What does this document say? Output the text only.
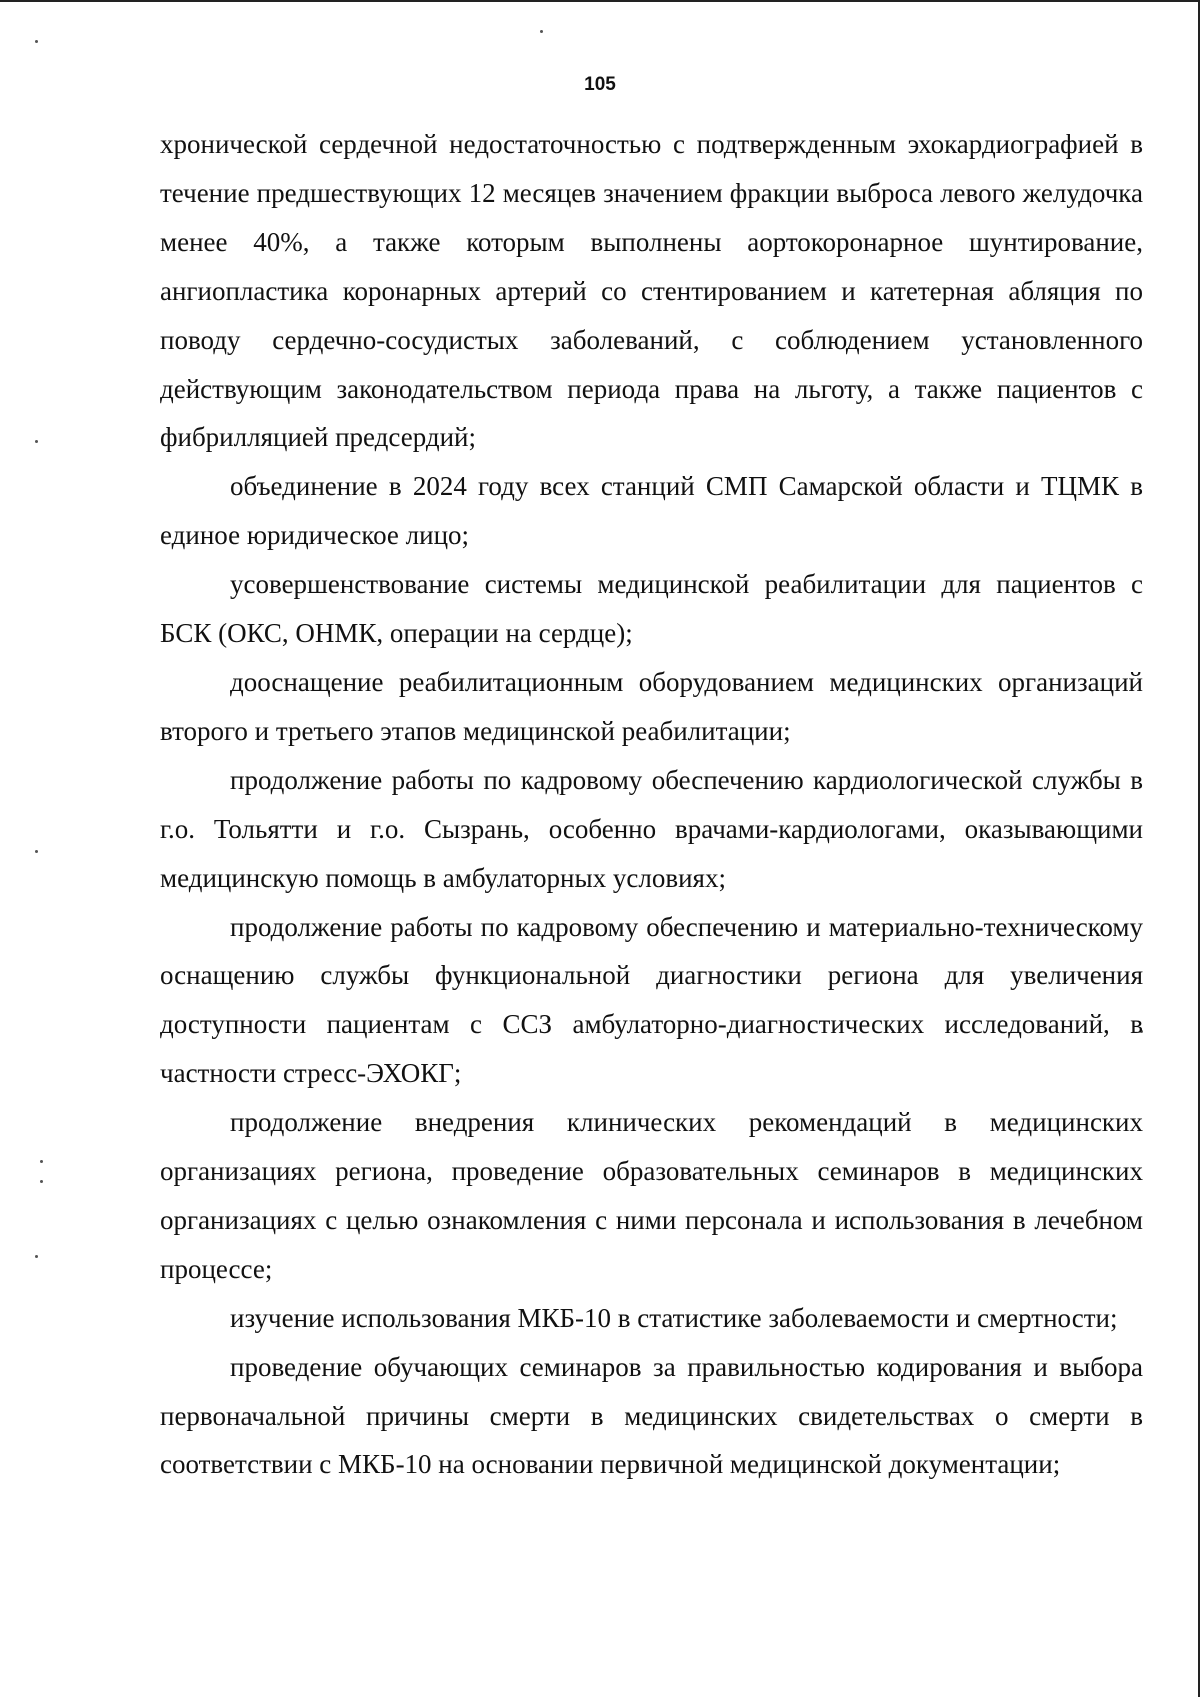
105

хронической сердечной недостаточностью с подтвержденным эхокардиографией в течение предшествующих 12 месяцев значением фракции выброса левого желудочка менее 40%, а также которым выполнены аортокоронарное шунтирование, ангиопластика коронарных артерий со стентированием и катетерная абляция по поводу сердечно-сосудистых заболеваний, с соблюдением установленного действующим законодательством периода права на льготу, а также пациентов с фибрилляцией предсердий;

объединение в 2024 году всех станций СМП Самарской области и ТЦМК в единое юридическое лицо;

усовершенствование системы медицинской реабилитации для пациентов с БСК (ОКС, ОНМК, операции на сердце);

дооснащение реабилитационным оборудованием медицинских организаций второго и третьего этапов медицинской реабилитации;

продолжение работы по кадровому обеспечению кардиологической службы в г.о. Тольятти и г.о. Сызрань, особенно врачами-кардиологами, оказывающими медицинскую помощь в амбулаторных условиях;

продолжение работы по кадровому обеспечению и материально-техническому оснащению службы функциональной диагностики региона для увеличения доступности пациентам с ССЗ амбулаторно-диагностических исследований, в частности стресс-ЭХОКГ;

продолжение внедрения клинических рекомендаций в медицинских организациях региона, проведение образовательных семинаров в медицинских организациях с целью ознакомления с ними персонала и использования в лечебном процессе;

изучение использования МКБ-10 в статистике заболеваемости и смертности;

проведение обучающих семинаров за правильностью кодирования и выбора первоначальной причины смерти в медицинских свидетельствах о смерти в соответствии с МКБ-10 на основании первичной медицинской документации;
